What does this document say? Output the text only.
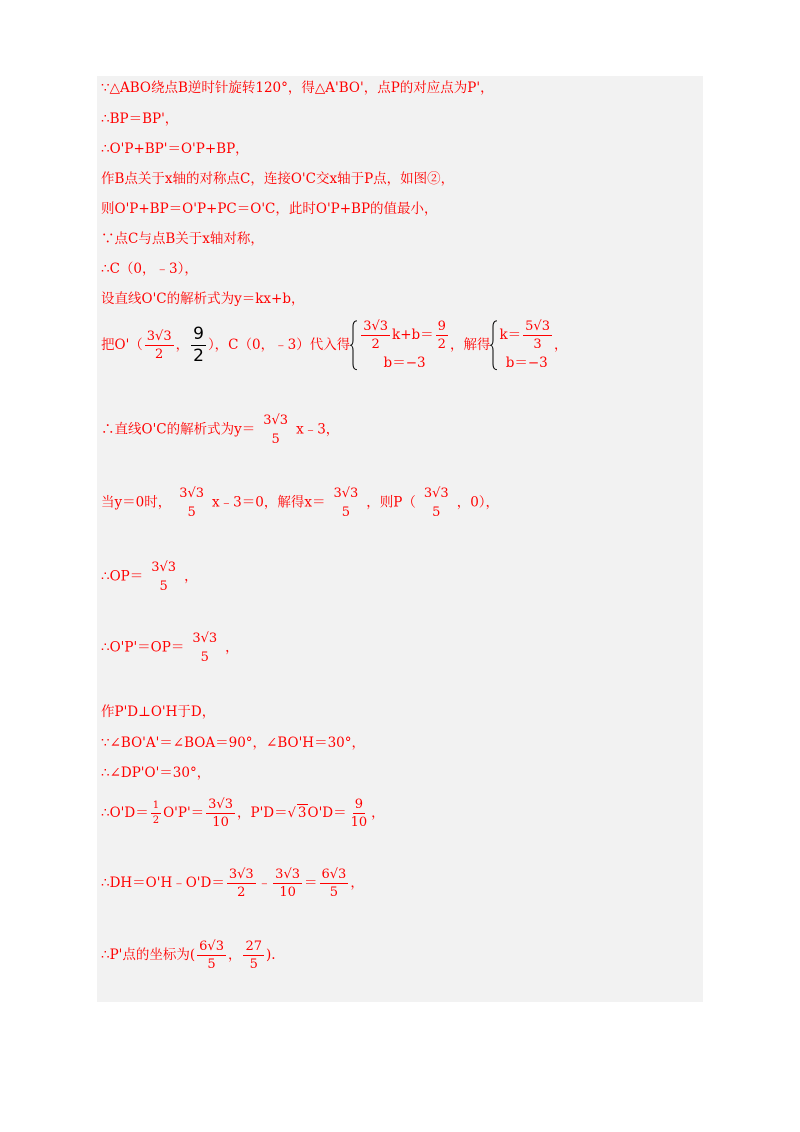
∵△ABO绕点B逆时针旋转120°，得△A'BO'，点P的对应点为P'，
∴BP＝BP'，
∴O'P+BP'＝O'P+BP，
作B点关于x轴的对称点C，连接O'C交x轴于P点，如图②，
则O'P+BP＝O'P+PC＝O'C，此时O'P+BP的值最小，
∵点C与点B关于x轴对称，
∴C（0，﹣3），
设直线O'C的解析式为y＝kx+b，
把$O'( \frac{3√3}{2}$ ， $\frac{9}{2}$ ），C（0，﹣3）代入得 $\frac{3√3}{2} k+b= \frac{9}{2}$
b＝−3
，解得
$k= \frac{5√3}{3}$
b＝−3
，
∴直线O'C的解析式为y＝
3√3
5
x﹣3，
当y＝0时，
3√3
5
x﹣3＝0，解得x＝
3√3
5
，则P（
3√3
5
，0），
∴OP＝
3√3
5
，
∴O'P'＝OP＝
3√3
5
，
作P'D⊥O'H于D，
∵∠BO'A'＝∠BOA＝90°，∠BO'H＝30°，
∴∠DP'O'＝30°，
∴O'D＝ $\frac{1}{2} O'P'= \frac{3√3}{10}$ ，P'D＝√ $3O'D= \frac{9}{10}$ ，
∴DH＝O'H﹣O'D＝ $\frac{3√3}{2}$ ﹣ $\frac{3√3}{10} = \frac{6√3}{5}$ ，
∴P'点的坐标为( $\frac{6√3}{5}$ ， $\frac{27}{5}$ ).
